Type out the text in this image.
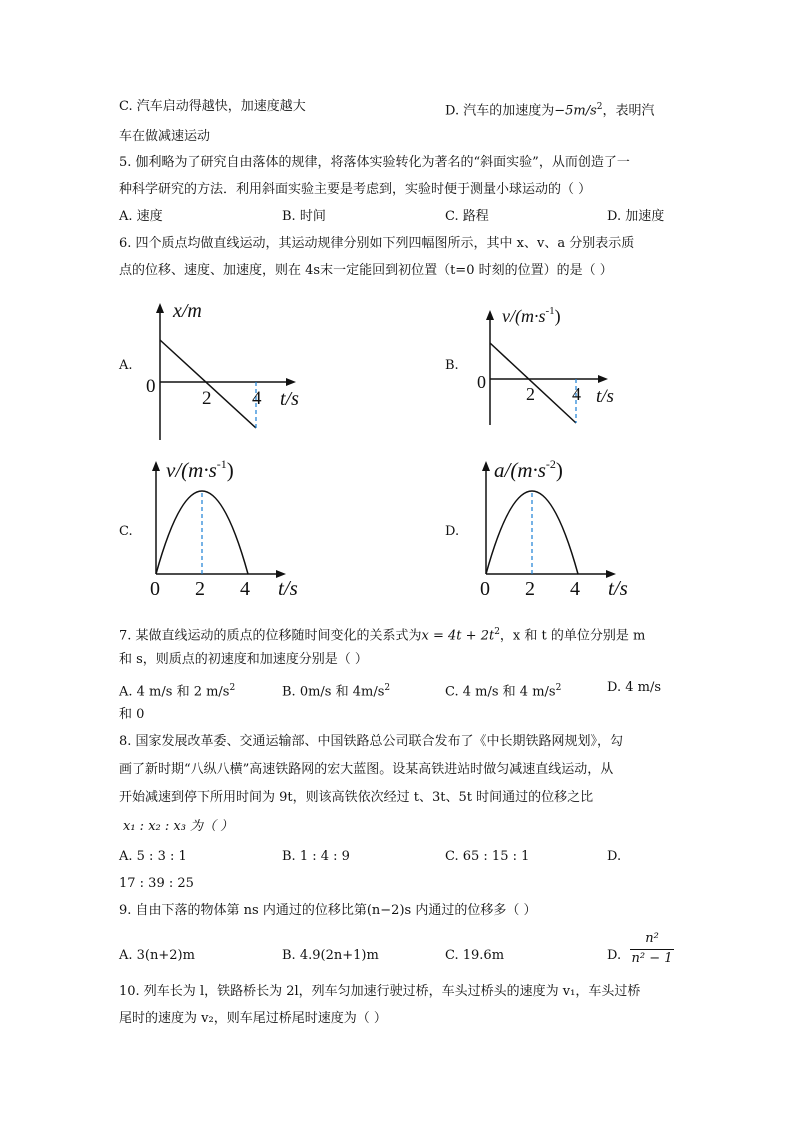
C. 汽车启动得越快，加速度越大	D. 汽车的加速度为$-5m/s^2$，表明汽
车在做减速运动
5. 伽利略为了研究自由落体的规律，将落体实验转化为著名的“斜面实验”，从而创造了一
种科学研究的方法．利用斜面实验主要是考虑到，实验时便于测量小球运动的（ ）
A. 速度	B. 时间	C. 路程	D. 加速度
6. 四个质点均做直线运动，其运动规律分别如下列四幅图所示，其中 x、v、a 分别表示质
点的位移、速度、加速度，则在 4s末一定能回到初位置（t=0 时刻的位置）的是（ ）
A.
x/m
0
2 4 t/s
B.
$v/(m\cdot s^{-1})$
0
2 4 t/s
C.
$v/(m\cdot s^{-1})$
0 2 4 t/s
D.
$a/(m\cdot s^{-2})$
0 2 4 t/s
7. 某做直线运动的质点的位移随时间变化的关系式为$x = 4t + 2t^2$，x 和 t 的单位分别是 m
和 s，则质点的初速度和加速度分别是（ ）
A. 4 m/s 和 2 $m/s^2$	B. 0m/s 和 $4m/s^2$	C. 4 m/s 和 4 $m/s^2$	D. 4 m/s
和 0
8. 国家发展改革委、交通运输部、中国铁路总公司联合发布了《中长期铁路网规划》，勾
画了新时期“八纵八横”高速铁路网的宏大蓝图。设某高铁进站时做匀减速直线运动，从
开始减速到停下所用时间为 9t，则该高铁依次经过 t、3t、5t 时间通过的位移之比
x₁ : x₂ : x₃ 为（ ）
A. 5 : 3 : 1	B. 1 : 4 : 9	C. 65 : 15 : 1	D.
17 : 39 : 25
9. 自由下落的物体第 ns 内通过的位移比第(n−2)s 内通过的位移多（ ）
A. 3(n+2)m	B. 4.9(2n+1)m	C. 19.6m	D. $\frac{\text{n²}}{\text{n² − 1}}$
10. 列车长为 l，铁路桥长为 2l，列车匀加速行驶过桥，车头过桥头的速度为 v₁，车头过桥
尾时的速度为 v₂，则车尾过桥尾时速度为（ ）
